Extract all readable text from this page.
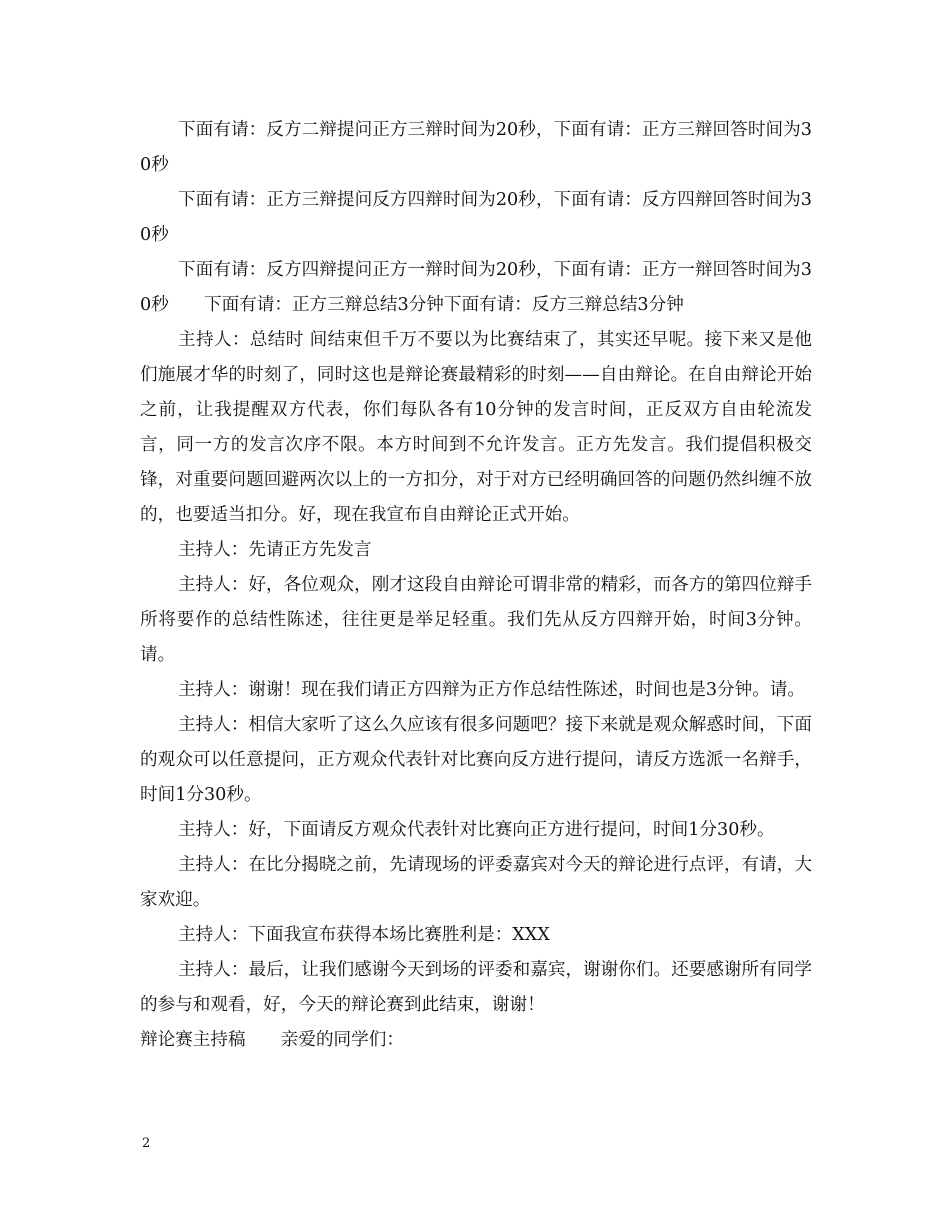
下面有请：反方二辩提问正方三辩时间为20秒，下面有请：正方三辩回答时间为30秒

下面有请：正方三辩提问反方四辩时间为20秒，下面有请：反方四辩回答时间为30秒

下面有请：反方四辩提问正方一辩时间为20秒，下面有请：正方一辩回答时间为30秒　　下面有请：正方三辩总结3分钟下面有请：反方三辩总结3分钟

主持人：总结时 间结束但千万不要以为比赛结束了，其实还早呢。接下来又是他们施展才华的时刻了，同时这也是辩论赛最精彩的时刻——自由辩论。在自由辩论开始之前，让我提醒双方代表，你们每队各有10分钟的发言时间，正反双方自由轮流发言，同一方的发言次序不限。本方时间到不允许发言。正方先发言。我们提倡积极交锋，对重要问题回避两次以上的一方扣分，对于对方已经明确回答的问题仍然纠缠不放的，也要适当扣分。好，现在我宣布自由辩论正式开始。

主持人：先请正方先发言

主持人：好，各位观众，刚才这段自由辩论可谓非常的精彩，而各方的第四位辩手所将要作的总结性陈述，往往更是举足轻重。我们先从反方四辩开始，时间3分钟。请。

主持人：谢谢！现在我们请正方四辩为正方作总结性陈述，时间也是3分钟。请。

主持人：相信大家听了这么久应该有很多问题吧？接下来就是观众解惑时间，下面的观众可以任意提问，正方观众代表针对比赛向反方进行提问，请反方选派一名辩手，时间1分30秒。

主持人：好，下面请反方观众代表针对比赛向正方进行提问，时间1分30秒。

主持人：在比分揭晓之前，先请现场的评委嘉宾对今天的辩论进行点评，有请，大家欢迎。

主持人：下面我宣布获得本场比赛胜利是：XXX

主持人：最后，让我们感谢今天到场的评委和嘉宾，谢谢你们。还要感谢所有同学的参与和观看，好，今天的辩论赛到此结束，谢谢！

辩论赛主持稿　　亲爱的同学们：

2
